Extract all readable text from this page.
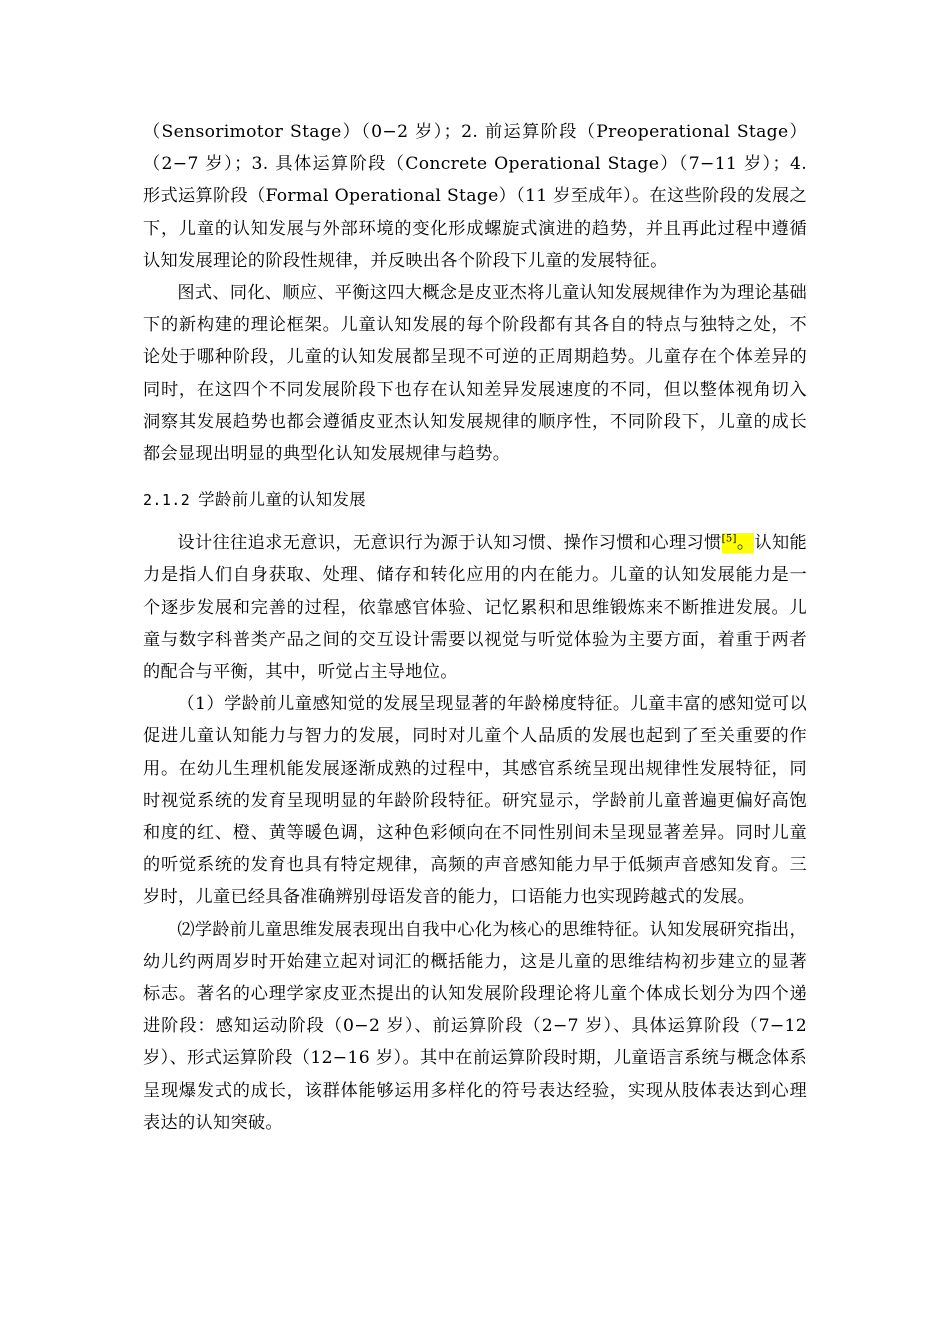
（Sensorimotor Stage）（0−2 岁）；2. 前运算阶段（Preoperational Stage）（2−7 岁）；3. 具体运算阶段（Concrete Operational Stage）（7−11 岁）；4. 形式运算阶段（Formal Operational Stage）（11 岁至成年）。在这些阶段的发展之下，儿童的认知发展与外部环境的变化形成螺旋式演进的趋势，并且再此过程中遵循认知发展理论的阶段性规律，并反映出各个阶段下儿童的发展特征。

图式、同化、顺应、平衡这四大概念是皮亚杰将儿童认知发展规律作为为理论基础下的新构建的理论框架。儿童认知发展的每个阶段都有其各自的特点与独特之处，不论处于哪种阶段，儿童的认知发展都呈现不可逆的正周期趋势。儿童存在个体差异的同时，在这四个不同发展阶段下也存在认知差异发展速度的不同，但以整体视角切入洞察其发展趋势也都会遵循皮亚杰认知发展规律的顺序性，不同阶段下，儿童的成长都会显现出明显的典型化认知发展规律与趋势。

2.1.2 学龄前儿童的认知发展

设计往往追求无意识，无意识行为源于认知习惯、操作习惯和心理习惯[5]。认知能力是指人们自身获取、处理、储存和转化应用的内在能力。儿童的认知发展能力是一个逐步发展和完善的过程，依靠感官体验、记忆累积和思维锻炼来不断推进发展。儿童与数字科普类产品之间的交互设计需要以视觉与听觉体验为主要方面，着重于两者的配合与平衡，其中，听觉占主导地位。

（1）学龄前儿童感知觉的发展呈现显著的年龄梯度特征。儿童丰富的感知觉可以促进儿童认知能力与智力的发展，同时对儿童个人品质的发展也起到了至关重要的作用。在幼儿生理机能发展逐渐成熟的过程中，其感官系统呈现出规律性发展特征，同时视觉系统的发育呈现明显的年龄阶段特征。研究显示，学龄前儿童普遍更偏好高饱和度的红、橙、黄等暖色调，这种色彩倾向在不同性别间未呈现显著差异。同时儿童的听觉系统的发育也具有特定规律，高频的声音感知能力早于低频声音感知发育。三岁时，儿童已经具备准确辨别母语发音的能力，口语能力也实现跨越式的发展。

⑵学龄前儿童思维发展表现出自我中心化为核心的思维特征。认知发展研究指出，幼儿约两周岁时开始建立起对词汇的概括能力，这是儿童的思维结构初步建立的显著标志。著名的心理学家皮亚杰提出的认知发展阶段理论将儿童个体成长划分为四个递进阶段：感知运动阶段（0−2 岁）、前运算阶段（2−7 岁）、具体运算阶段（7−12 岁）、形式运算阶段（12−16 岁）。其中在前运算阶段时期，儿童语言系统与概念体系呈现爆发式的成长，该群体能够运用多样化的符号表达经验，实现从肢体表达到心理表达的认知突破。
